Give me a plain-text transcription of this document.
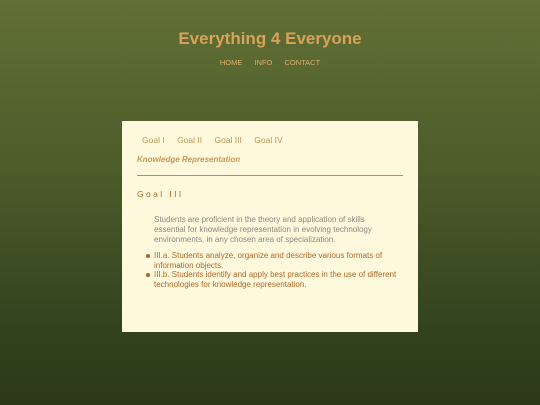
Everything 4 Everyone
HOME INFO CONTACT
Goal I Goal II Goal III Goal IV
Knowledge Representation
Goal III

Students are proficient in the theory and application of skills essential for knowledge representation in evolving technology environments, in any chosen area of specialization.

III.a. Students analyze, organize and describe various formats of information objects.
III.b. Students identify and apply best practices in the use of different technologies for knowledge representation.
